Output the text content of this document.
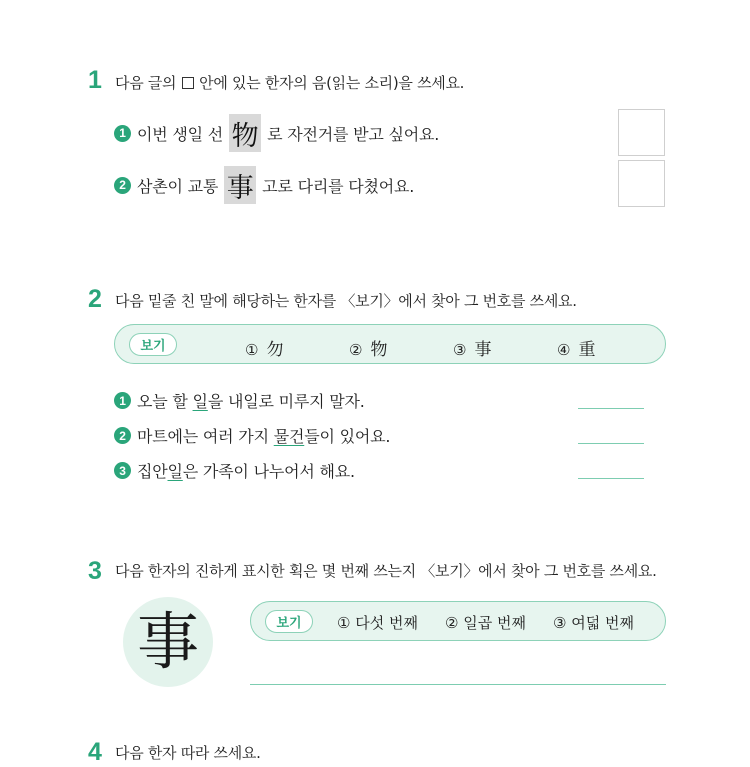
1 다음 글의 안에 있는 한자의 음(읽는 소리)을 쓰세요.
1 이번 생일 선 物 로 자전거를 받고 싶어요.
2 삼촌이 교통 事 고로 다리를 다쳤어요.
2 다음 밑줄 친 말에 해당하는 한자를 〈보기〉에서 찾아 그 번호를 쓰세요.
보기	① 勿	② 物	③ 事	④ 重
1 오늘 할 일 을 내일로 미루지 말자.
2 마트에는 여러 가지 물건 들이 있어요.
3 집안 일 은 가족이 나누어서 해요.
3 다음 한자의 진하게 표시한 획은 몇 번째 쓰는지 〈보기〉에서 찾아 그 번호를 쓰세요.
事	보기	① 다섯 번째 ② 일곱 번째 ③ 여덟 번째
4 다음 한자 따라 쓰세요.
